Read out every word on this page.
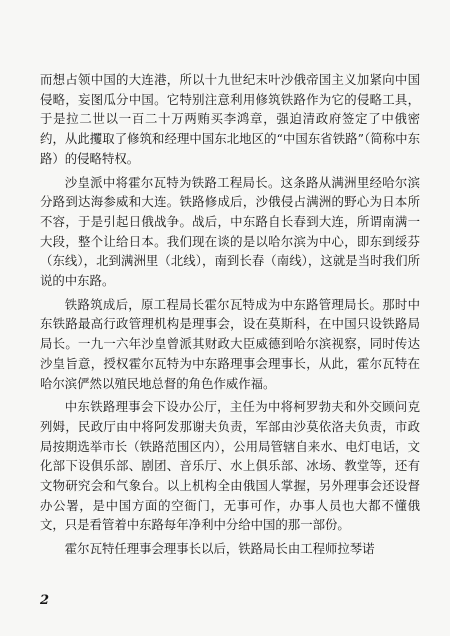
而想占领中国的大连港，所以十九世纪末叶沙俄帝国主义加紧向中国侵略，妄图瓜分中国。它特别注意利用修筑铁路作为它的侵略工具，于是拉二世以一百二十万两贿买李鸿章，强迫清政府签定了中俄密约，从此攫取了修筑和经理中国东北地区的“中国东省铁路”（简称中东路）的侵略特权。

沙皇派中将霍尔瓦特为铁路工程局长。这条路从满洲里经哈尔滨分路到达海参威和大连。铁路修成后，沙俄侵占满洲的野心为日本所不容，于是引起日俄战争。战后，中东路自长春到大连，所谓南满一大段，整个让给日本。我们现在谈的是以哈尔滨为中心，即东到绥芬（东线），北到满洲里（北线），南到长春（南线），这就是当时我们所说的中东路。

铁路筑成后，原工程局长霍尔瓦特成为中东路管理局长。那时中东铁路最高行政管理机构是理事会，设在莫斯科，在中国只设铁路局局长。一九一六年沙皇曾派其财政大臣威德到哈尔滨视察，同时传达沙皇旨意，授权霍尔瓦特为中东路理事会理事长，从此，霍尔瓦特在哈尔滨俨然以殖民地总督的角色作威作福。

中东铁路理事会下设办公厅，主任为中将柯罗勃夫和外交顾问克列姆，民政厅由中将阿发那谢夫负责，军部由沙莫依洛夫负责，市政局按期选举市长（铁路范围区内），公用局管辖自来水、电灯电话，文化部下设俱乐部、剧团、音乐厅、水上俱乐部、冰场、教堂等，还有文物研究会和气象台。以上机构全由俄国人掌握，另外理事会还设督办公署，是中国方面的空衙门，无事可作，办事人员也大都不懂俄文，只是看管着中东路每年净利中分给中国的那一部份。

霍尔瓦特任理事会理事长以后，铁路局长由工程师拉琴诺

2
